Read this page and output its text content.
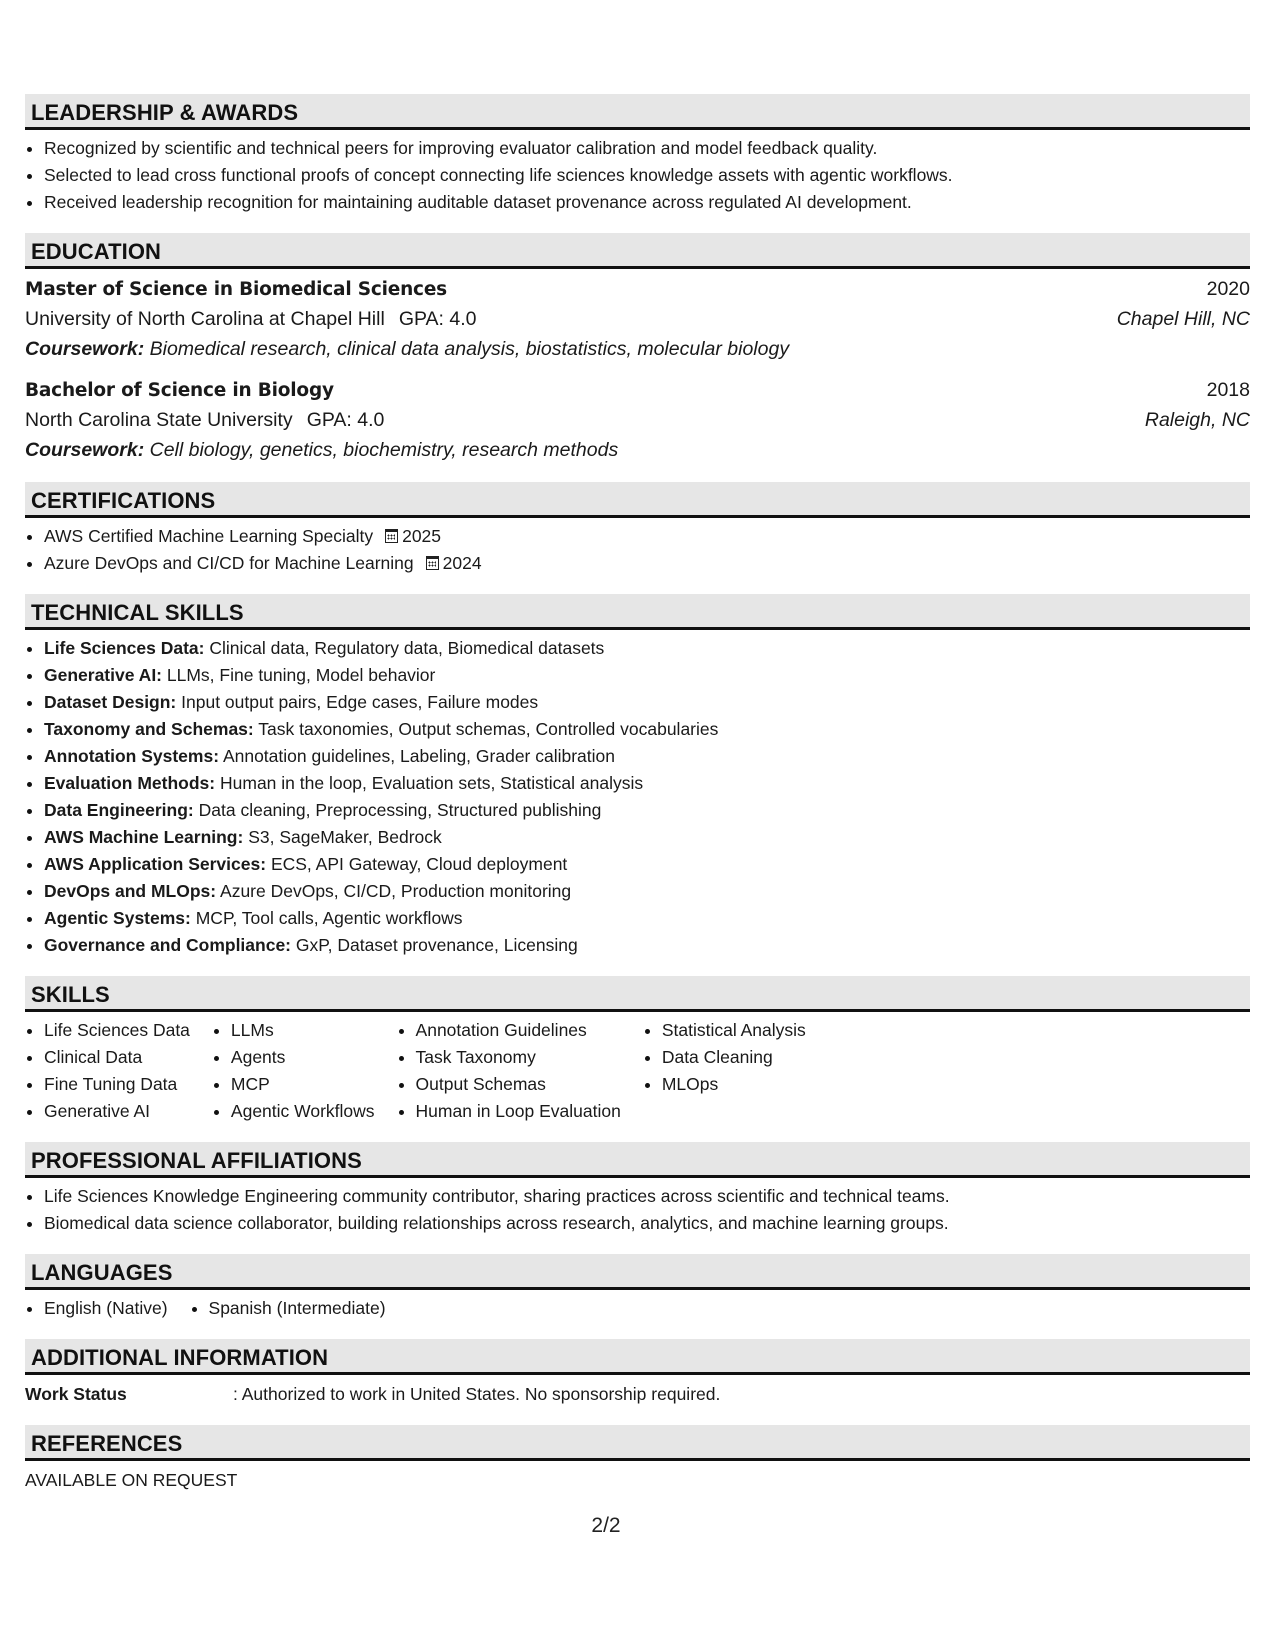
LEADERSHIP & AWARDS
Recognized by scientific and technical peers for improving evaluator calibration and model feedback quality.
Selected to lead cross functional proofs of concept connecting life sciences knowledge assets with agentic workflows.
Received leadership recognition for maintaining auditable dataset provenance across regulated AI development.
EDUCATION
Master of Science in Biomedical Sciences	2020
University of North Carolina at Chapel Hill GPA: 4.0	Chapel Hill, NC
Coursework: Biomedical research, clinical data analysis, biostatistics, molecular biology
Bachelor of Science in Biology	2018
North Carolina State University GPA: 4.0	Raleigh, NC
Coursework: Cell biology, genetics, biochemistry, research methods
CERTIFICATIONS
AWS Certified Machine Learning Specialty 2025
Azure DevOps and CI/CD for Machine Learning 2024
TECHNICAL SKILLS
Life Sciences Data: Clinical data, Regulatory data, Biomedical datasets
Generative AI: LLMs, Fine tuning, Model behavior
Dataset Design: Input output pairs, Edge cases, Failure modes
Taxonomy and Schemas: Task taxonomies, Output schemas, Controlled vocabularies
Annotation Systems: Annotation guidelines, Labeling, Grader calibration
Evaluation Methods: Human in the loop, Evaluation sets, Statistical analysis
Data Engineering: Data cleaning, Preprocessing, Structured publishing
AWS Machine Learning: S3, SageMaker, Bedrock
AWS Application Services: ECS, API Gateway, Cloud deployment
DevOps and MLOps: Azure DevOps, CI/CD, Production monitoring
Agentic Systems: MCP, Tool calls, Agentic workflows
Governance and Compliance: GxP, Dataset provenance, Licensing
SKILLS
Life Sciences Data
Clinical Data
Fine Tuning Data
Generative AI
LLMs
Agents
MCP
Agentic Workflows
Annotation Guidelines
Task Taxonomy
Output Schemas
Human in Loop Evaluation
Statistical Analysis
Data Cleaning
MLOps
PROFESSIONAL AFFILIATIONS
Life Sciences Knowledge Engineering community contributor, sharing practices across scientific and technical teams.
Biomedical data science collaborator, building relationships across research, analytics, and machine learning groups.
LANGUAGES
English (Native)	Spanish (Intermediate)
ADDITIONAL INFORMATION
Work Status	: Authorized to work in United States. No sponsorship required.
REFERENCES
AVAILABLE ON REQUEST
2/2
